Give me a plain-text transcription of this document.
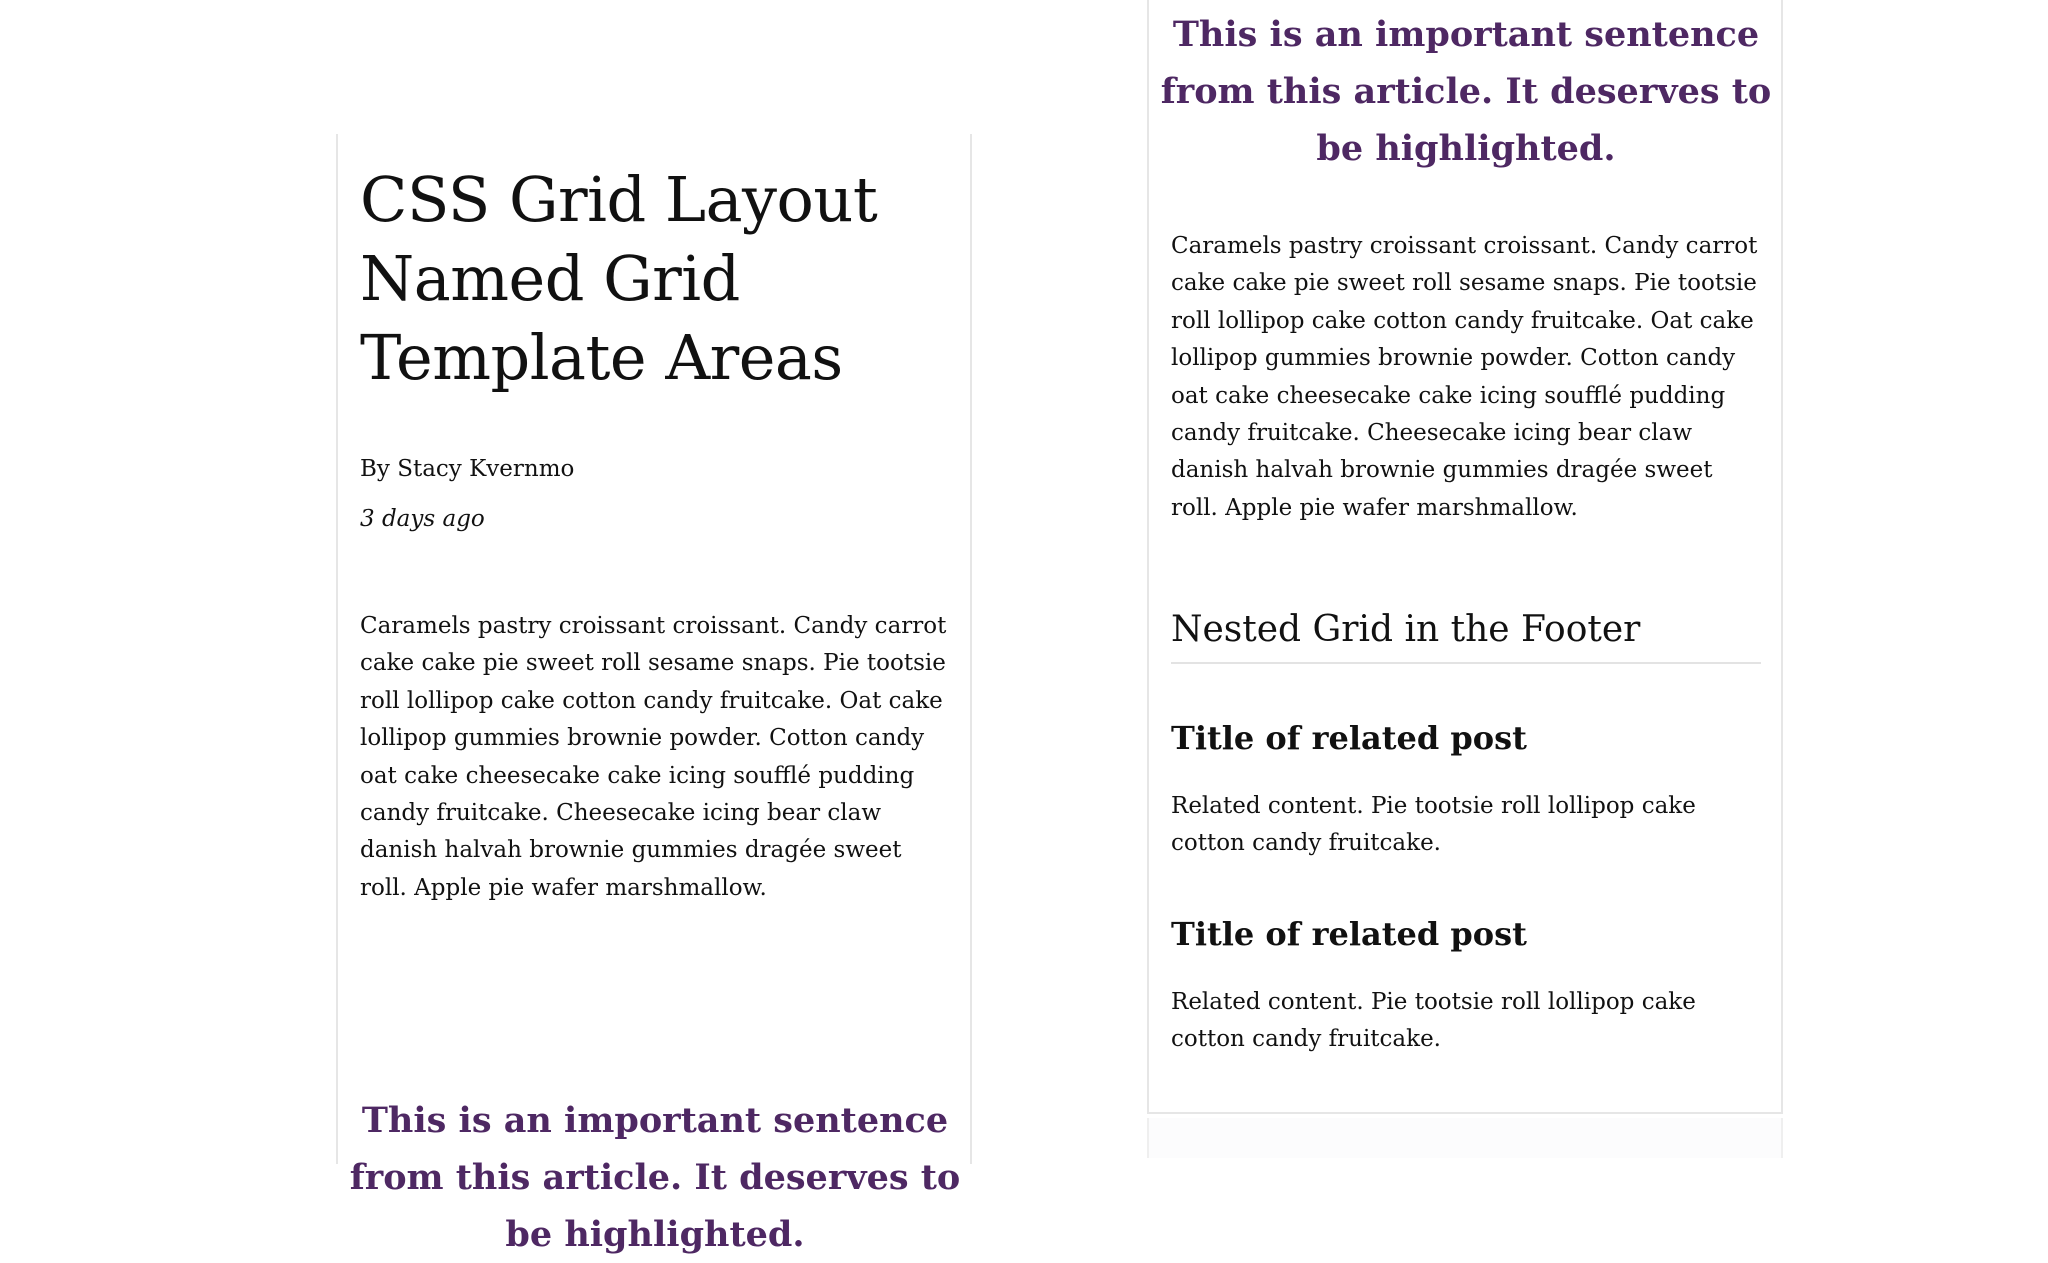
CSS Grid Layout Named Grid Template Areas
By Stacy Kvernmo
3 days ago

Caramels pastry croissant croissant. Candy carrot cake cake pie sweet roll sesame snaps. Pie tootsie roll lollipop cake cotton candy fruitcake. Oat cake lollipop gummies brownie powder. Cotton candy oat cake cheesecake cake icing soufflé pudding candy fruitcake. Cheesecake icing bear claw danish halvah brownie gummies dragée sweet roll. Apple pie wafer marshmallow.

This is an important sentence from this article. It deserves to be highlighted.

This is an important sentence from this article. It deserves to be highlighted.

Caramels pastry croissant croissant. Candy carrot cake cake pie sweet roll sesame snaps. Pie tootsie roll lollipop cake cotton candy fruitcake. Oat cake lollipop gummies brownie powder. Cotton candy oat cake cheesecake cake icing soufflé pudding candy fruitcake. Cheesecake icing bear claw danish halvah brownie gummies dragée sweet roll. Apple pie wafer marshmallow.

Nested Grid in the Footer
Title of related post

Related content. Pie tootsie roll lollipop cake cotton candy fruitcake.

Title of related post

Related content. Pie tootsie roll lollipop cake cotton candy fruitcake.
